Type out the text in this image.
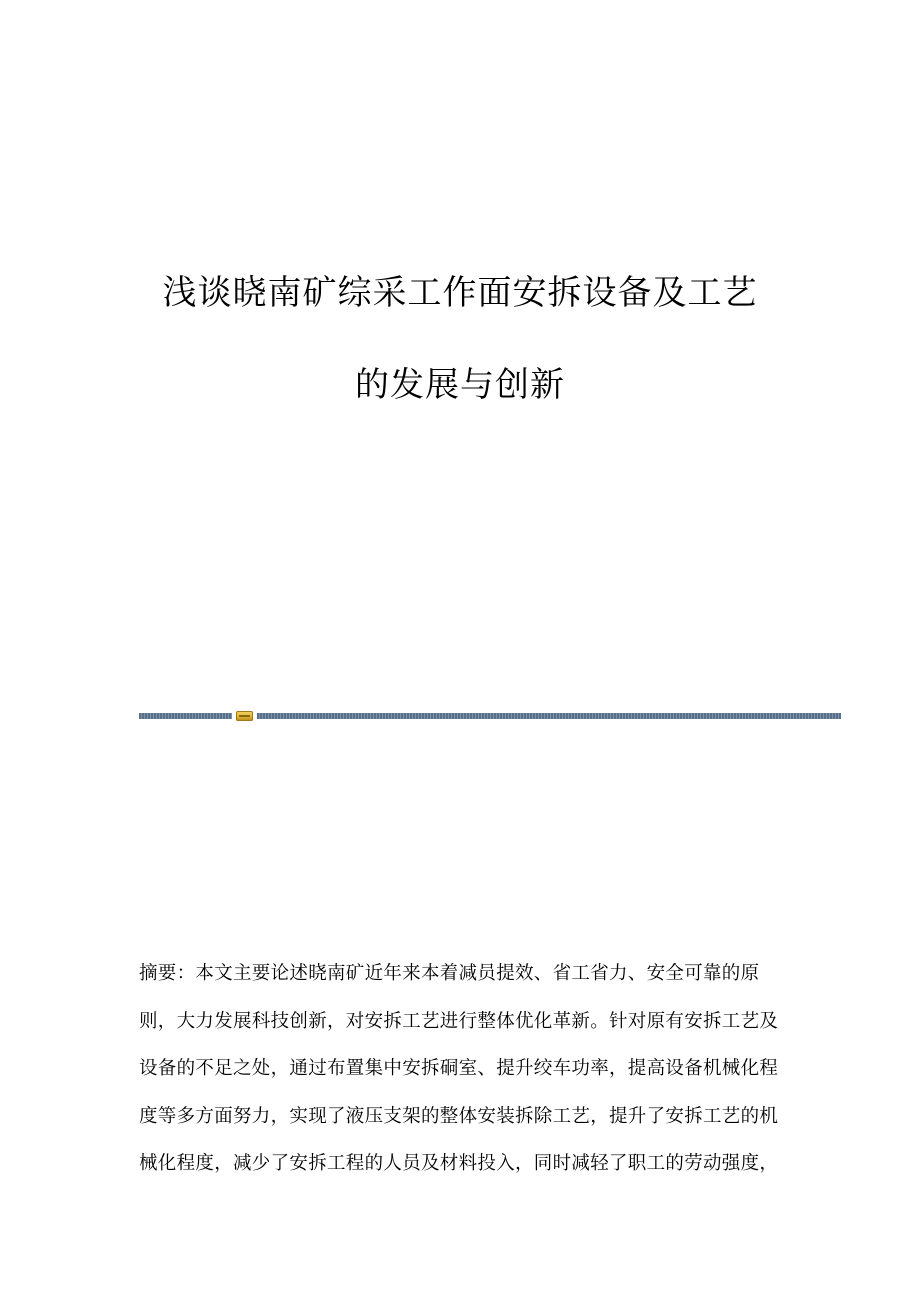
浅谈晓南矿综采工作面安拆设备及工艺
的发展与创新

摘要：本文主要论述晓南矿近年来本着减员提效、省工省力、安全可靠的原
则，大力发展科技创新，对安拆工艺进行整体优化革新。针对原有安拆工艺及
设备的不足之处，通过布置集中安拆硐室、提升绞车功率，提高设备机械化程
度等多方面努力，实现了液压支架的整体安装拆除工艺，提升了安拆工艺的机
械化程度，减少了安拆工程的人员及材料投入，同时减轻了职工的劳动强度，
